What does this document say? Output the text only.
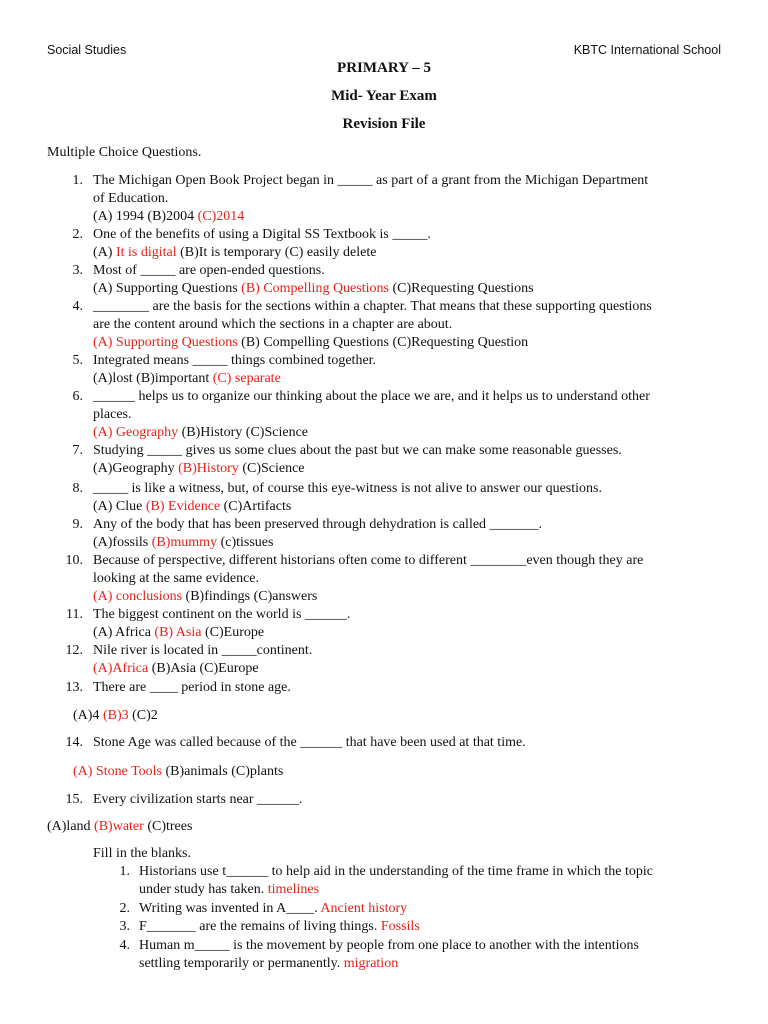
Social Studies	KBTC International School
PRIMARY – 5
Mid- Year Exam
Revision File
Multiple Choice Questions.
1. The Michigan Open Book Project began in _____ as part of a grant from the Michigan Department
of Education.
(A) 1994 (B)2004 (C)2014
2. One of the benefits of using a Digital SS Textbook is _____.
(A) It is digital (B)It is temporary (C) easily delete
3. Most of _____ are open-ended questions.
(A) Supporting Questions (B) Compelling Questions (C)Requesting Questions
4. ________ are the basis for the sections within a chapter. That means that these supporting questions
are the content around which the sections in a chapter are about.
(A) Supporting Questions (B) Compelling Questions (C)Requesting Question
5. Integrated means _____ things combined together.
(A)lost (B)important (C) separate
6. ______ helps us to organize our thinking about the place we are, and it helps us to understand other
places.
(A) Geography (B)History (C)Science
7. Studying _____ gives us some clues about the past but we can make some reasonable guesses.
(A)Geography (B)History (C)Science
8. _____ is like a witness, but, of course this eye-witness is not alive to answer our questions.
(A) Clue (B) Evidence (C)Artifacts
9. Any of the body that has been preserved through dehydration is called _______.
(A)fossils (B)mummy (c)tissues
10. Because of perspective, different historians often come to different ________even though they are
looking at the same evidence.
(A) conclusions (B)findings (C)answers
11. The biggest continent on the world is ______.
(A) Africa (B) Asia (C)Europe
12. Nile river is located in _____continent.
(A)Africa (B)Asia (C)Europe
13. There are ____ period in stone age.
(A)4 (B)3 (C)2
14. Stone Age was called because of the ______ that have been used at that time.
(A) Stone Tools (B)animals (C)plants
15. Every civilization starts near ______.
(A)land (B)water (C)trees
Fill in the blanks.
1. Historians use t______ to help aid in the understanding of the time frame in which the topic
under study has taken. timelines
2. Writing was invented in A____. Ancient history
3. F_______ are the remains of living things. Fossils
4. Human m_____ is the movement by people from one place to another with the intentions
settling temporarily or permanently. migration
